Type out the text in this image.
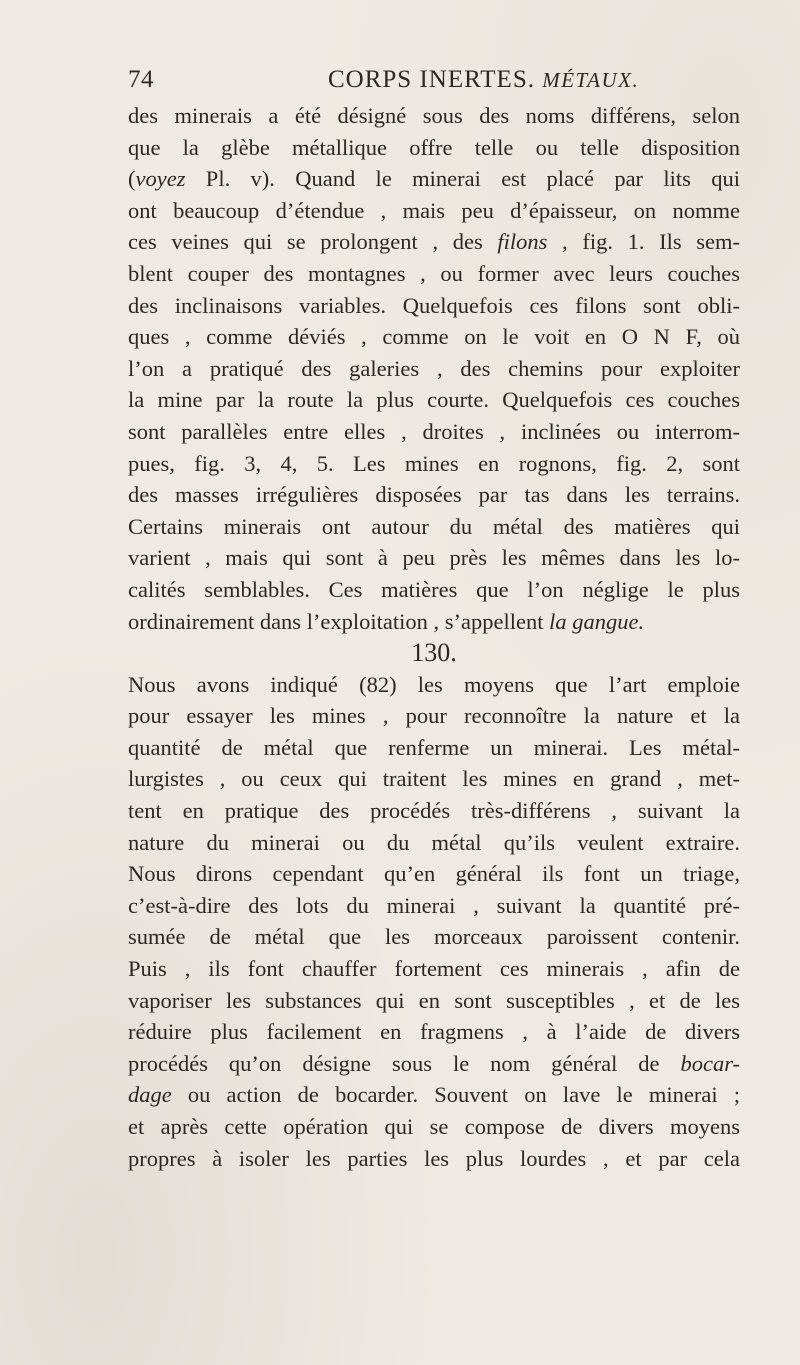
74	CORPS INERTES. MÉTAUX.
des minerais a été désigné sous des noms différens, selon
que la glèbe métallique offre telle ou telle disposition
(voyez Pl. v). Quand le minerai est placé par lits qui
ont beaucoup d’étendue , mais peu d’épaisseur, on nomme
ces veines qui se prolongent , des filons , fig. 1. Ils sem-
blent couper des montagnes , ou former avec leurs couches
des inclinaisons variables. Quelquefois ces filons sont obli-
ques , comme déviés , comme on le voit en O N F, où
l’on a pratiqué des galeries , des chemins pour exploiter
la mine par la route la plus courte. Quelquefois ces couches
sont parallèles entre elles , droites , inclinées ou interrom-
pues, fig. 3, 4, 5. Les mines en rognons, fig. 2, sont
des masses irrégulières disposées par tas dans les terrains.
Certains minerais ont autour du métal des matières qui
varient , mais qui sont à peu près les mêmes dans les lo-
calités semblables. Ces matières que l’on néglige le plus
ordinairement dans l’exploitation , s’appellent la gangue.
130.
Nous avons indiqué (82) les moyens que l’art emploie
pour essayer les mines , pour reconnoître la nature et la
quantité de métal que renferme un minerai. Les métal-
lurgistes , ou ceux qui traitent les mines en grand , met-
tent en pratique des procédés très-différens , suivant la
nature du minerai ou du métal qu’ils veulent extraire.
Nous dirons cependant qu’en général ils font un triage,
c’est-à-dire des lots du minerai , suivant la quantité pré-
sumée de métal que les morceaux paroissent contenir.
Puis , ils font chauffer fortement ces minerais , afin de
vaporiser les substances qui en sont susceptibles , et de les
réduire plus facilement en fragmens , à l’aide de divers
procédés qu’on désigne sous le nom général de bocar-
dage ou action de bocarder. Souvent on lave le minerai ;
et après cette opération qui se compose de divers moyens
propres à isoler les parties les plus lourdes , et par cela
